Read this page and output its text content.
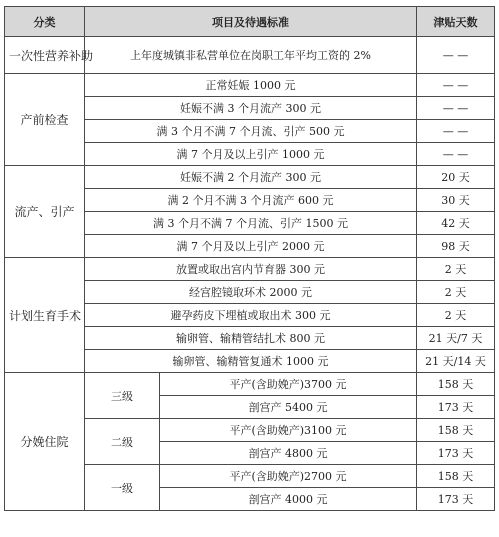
分类	项目及待遇标准		津贴天数
一次性营养补助	上年度城镇非私营单位在岗职工年平均工资的 2%		— —
产前检查	正常妊娠 1000 元		— —
	妊娠不满 3 个月流产 300 元		— —
	满 3 个月不满 7 个月流、引产 500 元		— —
	满 7 个月及以上引产 1000 元		— —
流产、引产	妊娠不满 2 个月流产 300 元		20 天
	满 2 个月不满 3 个月流产 600 元		30 天
	满 3 个月不满 7 个月流、引产 1500 元		42 天
	满 7 个月及以上引产 2000 元		98 天
计划生育手术	放置或取出宫内节育器 300 元		2 天
	经宫腔镜取环术 2000 元		2 天
	避孕药皮下埋植或取出术 300 元		2 天
	输卵管、输精管结扎术 800 元		21 天/7 天
	输卵管、输精管复通术 1000 元		21 天/14 天
分娩住院	三级	平产(含助娩产)3700 元	158 天
		剖宫产 5400 元	173 天
	二级	平产(含助娩产)3100 元	158 天
		剖宫产 4800 元	173 天
	一级	平产(含助娩产)2700 元	158 天
		剖宫产 4000 元	173 天
